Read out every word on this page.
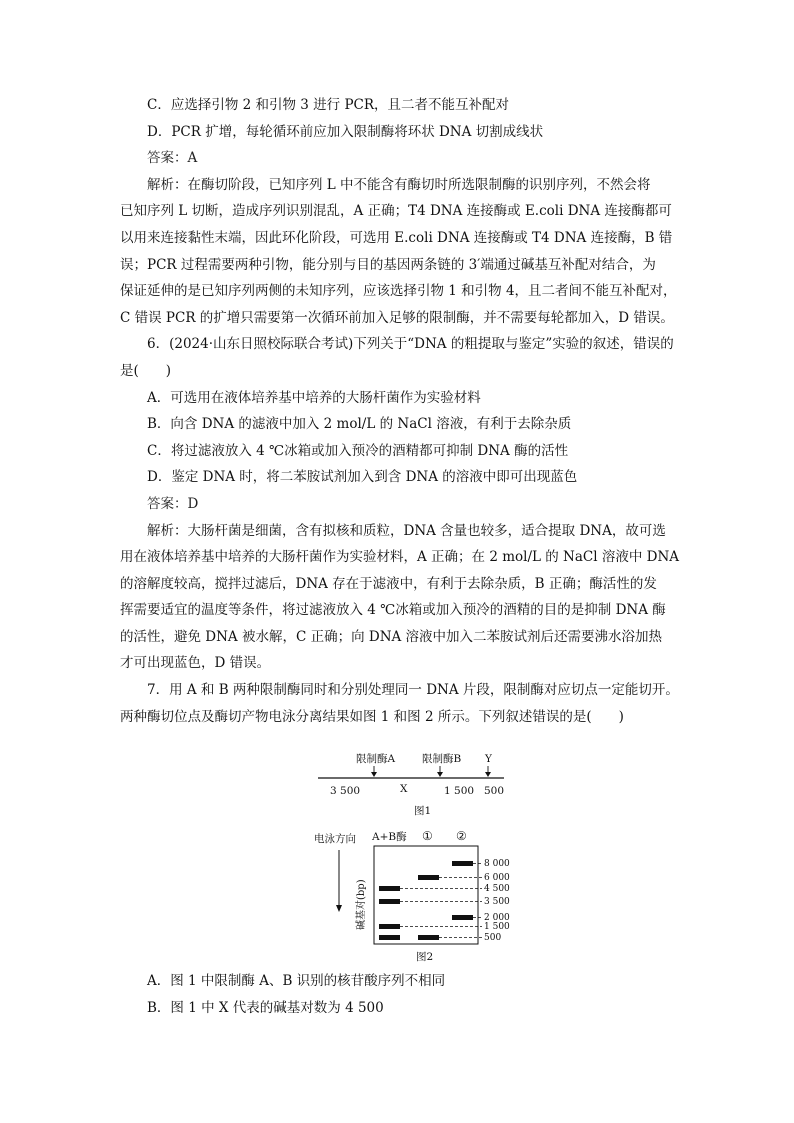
C．应选择引物 2 和引物 3 进行 PCR，且二者不能互补配对
D．PCR 扩增，每轮循环前应加入限制酶将环状 DNA 切割成线状
答案：A
解析：在酶切阶段，已知序列 L 中不能含有酶切时所选限制酶的识别序列，不然会将
已知序列 L 切断，造成序列识别混乱，A 正确；T4 DNA 连接酶或 E.coli DNA 连接酶都可
以用来连接黏性末端，因此环化阶段，可选用 E.coli DNA 连接酶或 T4 DNA 连接酶，B 错
误；PCR 过程需要两种引物，能分别与目的基因两条链的 3′端通过碱基互补配对结合，为
保证延伸的是已知序列两侧的未知序列，应该选择引物 1 和引物 4，且二者间不能互补配对，
C 错误 PCR 的扩增只需要第一次循环前加入足够的限制酶，并不需要每轮都加入，D 错误。
6．(2024·山东日照校际联合考试)下列关于“DNA 的粗提取与鉴定”实验的叙述，错误的
是(　　)
A．可选用在液体培养基中培养的大肠杆菌作为实验材料
B．向含 DNA 的滤液中加入 2 mol/L 的 NaCl 溶液，有利于去除杂质
C．将过滤液放入 4 ℃冰箱或加入预冷的酒精都可抑制 DNA 酶的活性
D．鉴定 DNA 时，将二苯胺试剂加入到含 DNA 的溶液中即可出现蓝色
答案：D
解析：大肠杆菌是细菌，含有拟核和质粒，DNA 含量也较多，适合提取 DNA，故可选
用在液体培养基中培养的大肠杆菌作为实验材料，A 正确；在 2 mol/L 的 NaCl 溶液中 DNA
的溶解度较高，搅拌过滤后，DNA 存在于滤液中，有利于去除杂质，B 正确；酶活性的发
挥需要适宜的温度等条件，将过滤液放入 4 ℃冰箱或加入预冷的酒精的目的是抑制 DNA 酶
的活性，避免 DNA 被水解，C 正确；向 DNA 溶液中加入二苯胺试剂后还需要沸水浴加热
才可出现蓝色，D 错误。
7．用 A 和 B 两种限制酶同时和分别处理同一 DNA 片段，限制酶对应切点一定能切开。
两种酶切位点及酶切产物电泳分离结果如图 1 和图 2 所示。下列叙述错误的是(　　)
限制酶A	限制酶B Y
3 500	X	1 500 500
图1
电泳方向 A+B酶 ① ②
碱基对(bp)
8 000
6 000
4 500
3 500
2 000
1 500
500
图2
A．图 1 中限制酶 A、B 识别的核苷酸序列不相同
B．图 1 中 X 代表的碱基对数为 4 500
